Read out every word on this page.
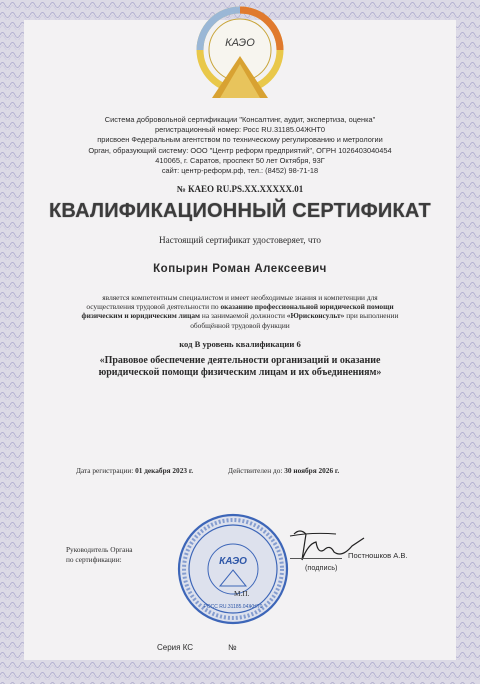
КАЭО
Система добровольной сертификации "Консалтинг, аудит, экспертиза, оценка"
регистрационный номер: Росс RU.31185.04ЖНТ0
присвоен Федеральным агентством по техническому регулированию и метрологии
Орган, образующий систему: ООО "Центр реформ предприятий", ОГРН 1026403040454
410065, г. Саратов, проспект 50 лет Октября, 93Г
сайт: центр-реформ.рф, тел.: (8452) 98-71-18
№ КАЕО RU.PS.XX.XXXXX.01
КВАЛИФИКАЦИОННЫЙ СЕРТИФИКАТ
Настоящий сертификат удостоверяет, что
Копырин Роман Алексеевич
является компетентным специалистом и имеет необходимые знания и компетенции для осуществления трудовой деятельности по оказанию профессиональной юридической помощи физическим и юридическим лицам на занимаемой должности «Юрисконсульт» при выполнении обобщённой трудовой функции
код В уровень квалификации 6
«Правовое обеспечение деятельности организаций и оказание юридической помощи физическим лицам и их объединениям»
Дата регистрации: 01 декабря 2023 г.	Действителен до: 30 ноября 2026 г.
Руководитель Органа
по сертификации:	КАЭО
РОСС RU.31185.04ЖНТ0
Постношков А.В.
(подпись)
М.П.
Серия КС	№
